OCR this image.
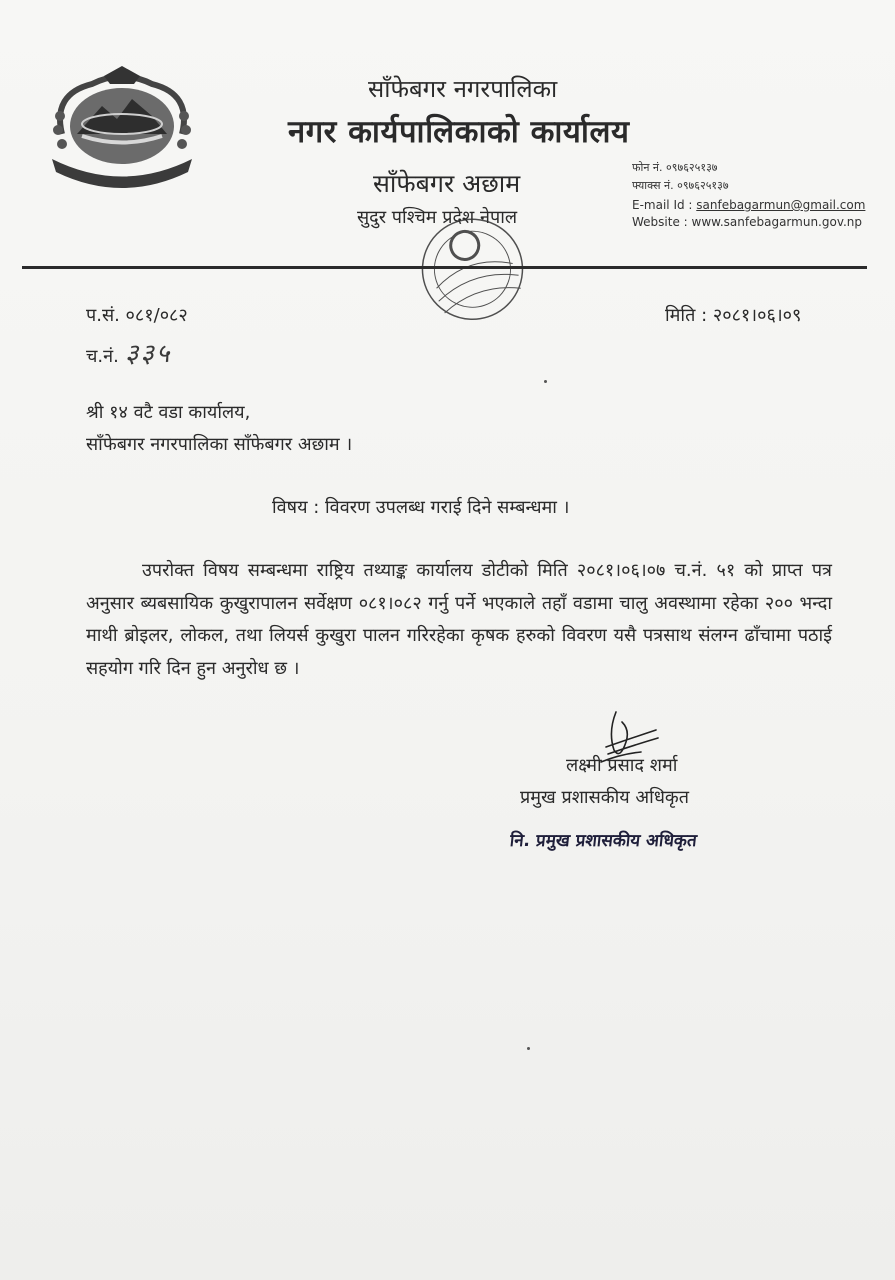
साँफेबगर नगरपालिका
नगर कार्यपालिकाको कार्यालय
साँफेबगर अछाम
सुदुर पश्चिम प्रदेश नेपाल
फोन नं. ०९७६२५१३७
फ्याक्स नं. ०९७६२५१३७
E-mail Id : sanfebagarmun@gmail.com
Website : www.sanfebagarmun.gov.np
प.सं. ०८१/०८२
च.नं. ३३५
मिति : २०८१।०६।०९
श्री १४ वटै वडा कार्यालय,
साँफेबगर नगरपालिका साँफेबगर अछाम ।
विषय : विवरण उपलब्ध गराई दिने सम्बन्धमा ।
उपरोक्त विषय सम्बन्धमा राष्ट्रिय तथ्याङ्क कार्यालय डोटीको मिति २०८१।०६।०७ च.नं. ५१ को प्राप्त पत्र अनुसार ब्यबसायिक कुखुरापालन सर्वेक्षण ०८१।०८२ गर्नु पर्ने भएकाले तहाँ वडामा चालु अवस्थामा रहेका २०० भन्दा माथी ब्रोइलर, लोकल, तथा लियर्स कुखुरा पालन गरिरहेका कृषक हरुको विवरण यसै पत्रसाथ संलग्न ढाँचामा पठाई सहयोग गरि दिन हुन अनुरोध छ ।
लक्ष्मी प्रसाद शर्मा
प्रमुख प्रशासकीय अधिकृत
नि. प्रमुख प्रशासकीय अधिकृत
